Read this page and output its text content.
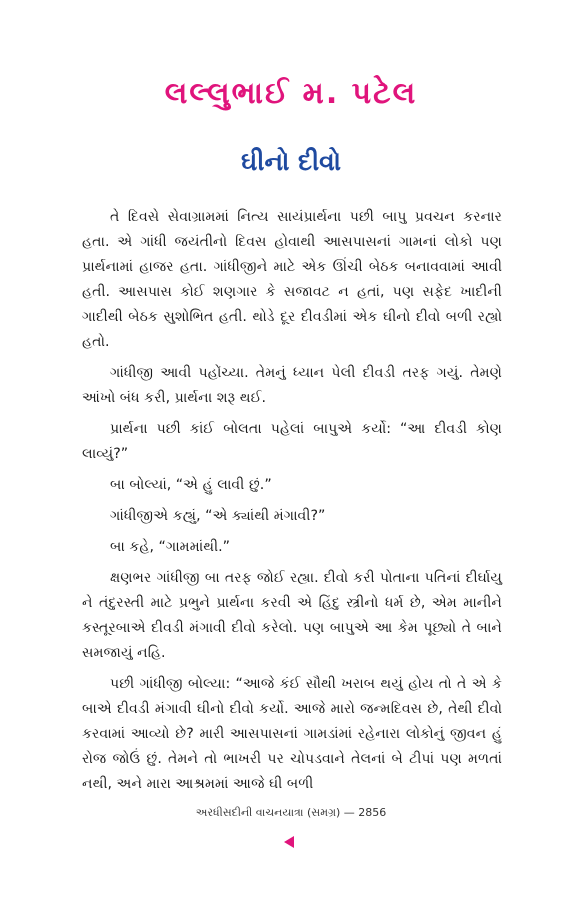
લલ્લુભાઈ મ. પટેલ
ઘીનો દીવો

તે દિવસે સેવાગ્રામમાં નિત્ય સાયંપ્રાર્થના પછી બાપુ પ્રવચન કરનાર હતા. એ ગાંધી જયંતીનો દિવસ હોવાથી આસપાસનાં ગામનાં લોકો પણ પ્રાર્થનામાં હાજર હતા. ગાંધીજીને માટે એક ઊંચી બેઠક બનાવવામાં આવી હતી. આસપાસ કોઈ શણગાર કે સજાવટ ન હતાં, પણ સફેદ ખાદીની ગાદીથી બેઠક સુશોભિત હતી. થોડે દૂર દીવડીમાં એક ઘીનો દીવો બળી રહ્યો હતો.

ગાંધીજી આવી પહોંચ્યા. તેમનું ધ્યાન પેલી દીવડી તરફ ગયું. તેમણે આંખો બંધ કરી, પ્રાર્થના શરૂ થઈ.

પ્રાર્થના પછી કાંઈ બોલતા પહેલાં બાપુએ કર્યો: “આ દીવડી કોણ લાવ્યું?”

બા બોલ્યાં, “એ હું લાવી છું.”

ગાંધીજીએ કહ્યું, “એ ક્યાંથી મંગાવી?”

બા કહે, “ગામમાંથી.”

ક્ષણભર ગાંધીજી બા તરફ જોઈ રહ્યા. દીવો કરી પોતાના પતિનાં દીર્ઘાયુ ને તંદુરસ્તી માટે પ્રભુને પ્રાર્થના કરવી એ હિંદુ સ્ત્રીનો ધર્મ છે, એમ માનીને કસ્તૂરબાએ દીવડી મંગાવી દીવો કરેલો. પણ બાપુએ આ કેમ પૂછ્યો તે બાને સમજાયું નહિ.

પછી ગાંધીજી બોલ્યા: “આજે કંઈ સૌથી ખરાબ થયું હોય તો તે એ કે બાએ દીવડી મંગાવી ઘીનો દીવો કર્યો. આજે મારો જન્મદિવસ છે, તેથી દીવો કરવામાં આવ્યો છે? મારી આસપાસનાં ગામડાંમાં રહેનારા લોકોનું જીવન હું રોજ જોઉં છું. તેમને તો ભાખરી પર ચોપડવાને તેલનાં બે ટીપાં પણ મળતાં નથી, અને મારા આશ્રમમાં આજે ઘી બળી

અરધીસદીની વાચનયાત્રા (સમગ્ર) — 2856
